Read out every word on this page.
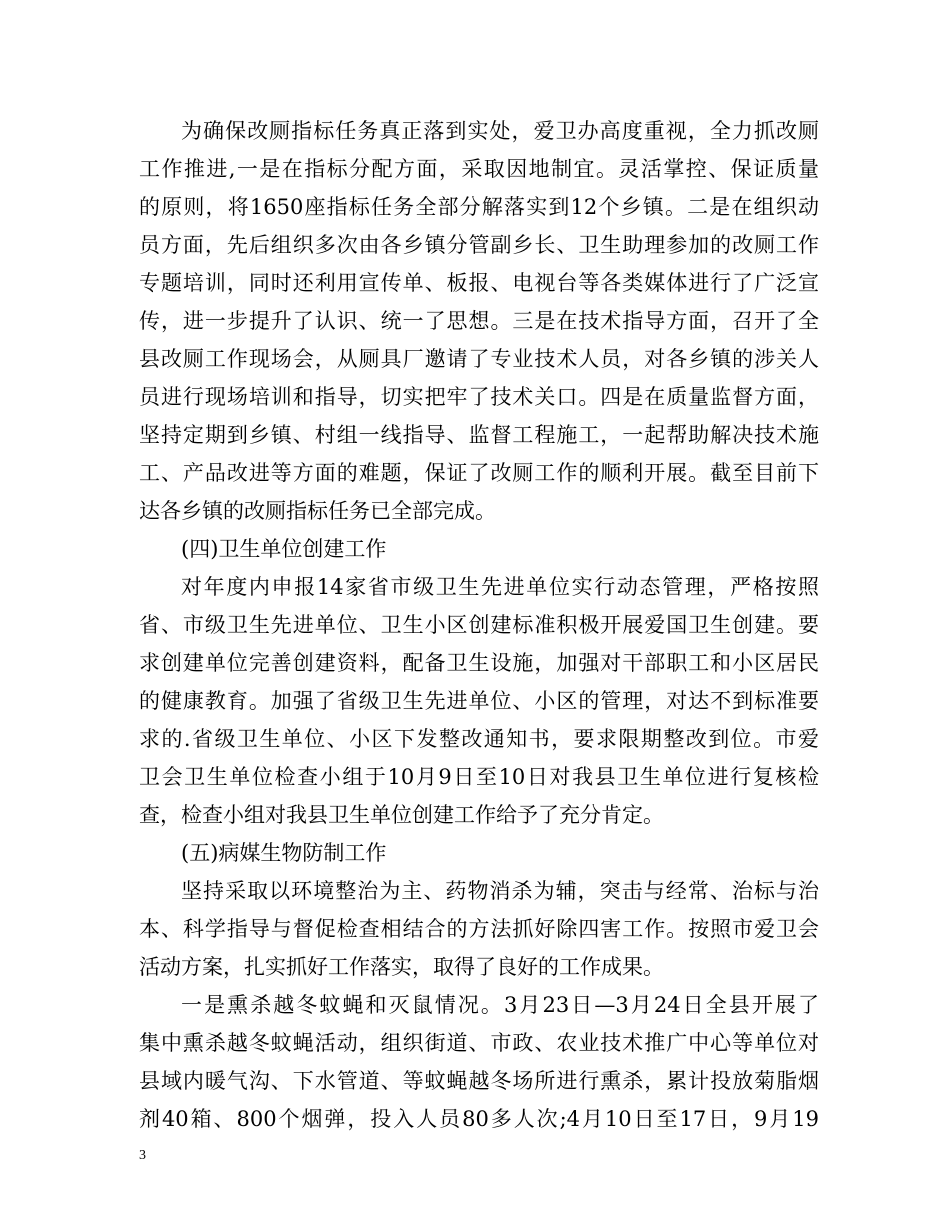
为确保改厕指标任务真正落到实处，爱卫办高度重视，全力抓改厕
工作推进,一是在指标分配方面，采取因地制宜。灵活掌控、保证质量
的原则，将1650座指标任务全部分解落实到12个乡镇。二是在组织动
员方面，先后组织多次由各乡镇分管副乡长、卫生助理参加的改厕工作
专题培训，同时还利用宣传单、板报、电视台等各类媒体进行了广泛宣
传，进一步提升了认识、统一了思想。三是在技术指导方面，召开了全
县改厕工作现场会，从厕具厂邀请了专业技术人员，对各乡镇的涉关人
员进行现场培训和指导，切实把牢了技术关口。四是在质量监督方面，
坚持定期到乡镇、村组一线指导、监督工程施工，一起帮助解决技术施
工、产品改进等方面的难题，保证了改厕工作的顺利开展。截至目前下
达各乡镇的改厕指标任务已全部完成。
(四)卫生单位创建工作
对年度内申报14家省市级卫生先进单位实行动态管理，严格按照
省、市级卫生先进单位、卫生小区创建标准积极开展爱国卫生创建。要
求创建单位完善创建资料，配备卫生设施，加强对干部职工和小区居民
的健康教育。加强了省级卫生先进单位、小区的管理，对达不到标准要
求的.省级卫生单位、小区下发整改通知书，要求限期整改到位。市爱
卫会卫生单位检查小组于10月9日至10日对我县卫生单位进行复核检
查，检查小组对我县卫生单位创建工作给予了充分肯定。
(五)病媒生物防制工作
坚持采取以环境整治为主、药物消杀为辅，突击与经常、治标与治
本、科学指导与督促检查相结合的方法抓好除四害工作。按照市爱卫会
活动方案，扎实抓好工作落实，取得了良好的工作成果。
一是熏杀越冬蚊蝇和灭鼠情况。3月23日—3月24日全县开展了
集中熏杀越冬蚊蝇活动，组织街道、市政、农业技术推广中心等单位对
县域内暖气沟、下水管道、等蚊蝇越冬场所进行熏杀，累计投放菊脂烟
剂40箱、800个烟弹，投入人员80多人次;4月10日至17日，9月19
3
